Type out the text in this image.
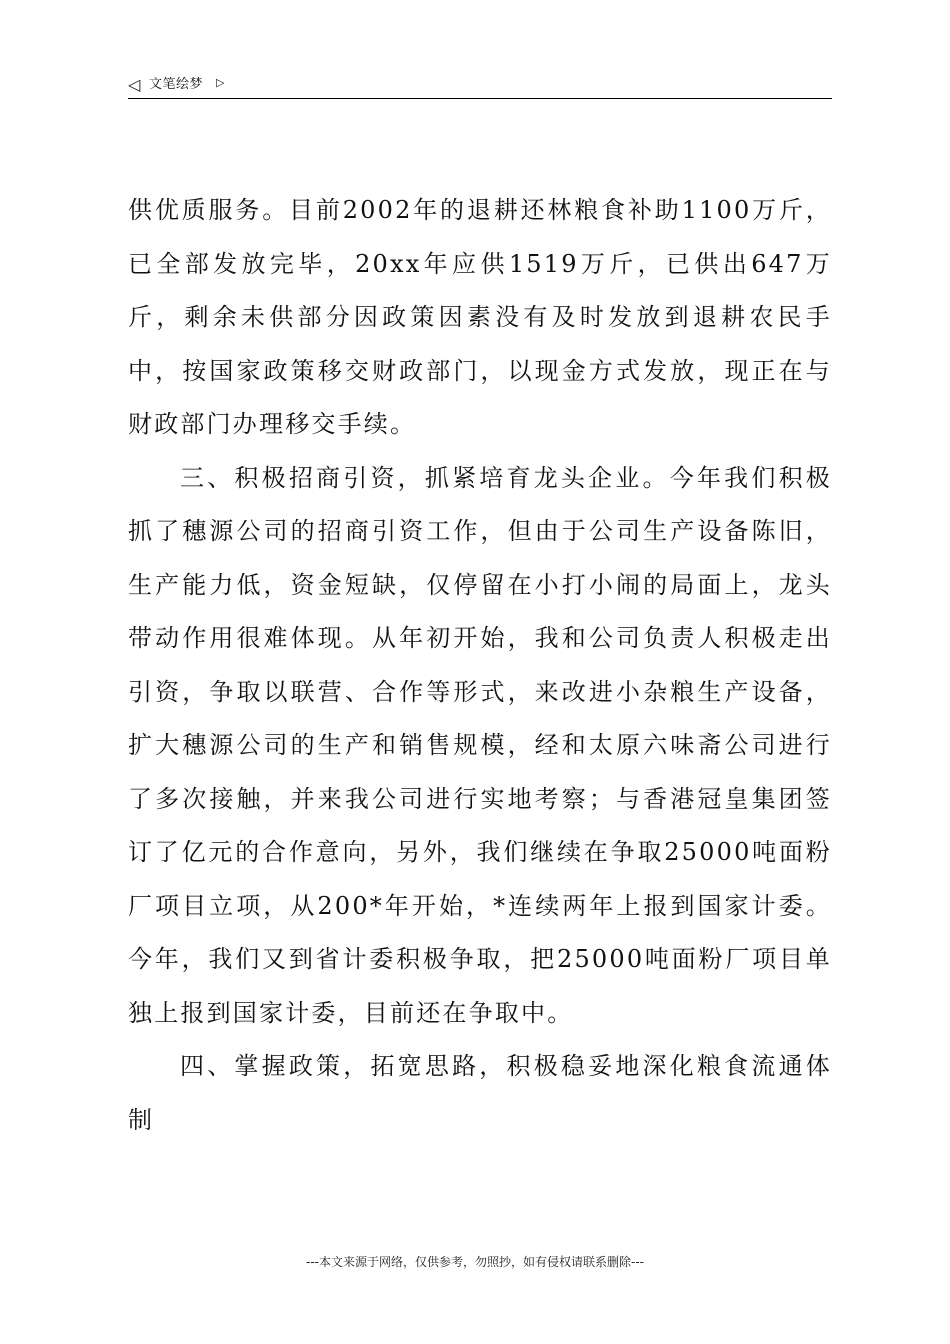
◁ 文笔绘梦 ▷

供优质服务。目前2002年的退耕还林粮食补助1100万斤，已全部发放完毕，20xx年应供1519万斤，已供出647万斤，剩余未供部分因政策因素没有及时发放到退耕农民手中，按国家政策移交财政部门，以现金方式发放，现正在与财政部门办理移交手续。

三、积极招商引资，抓紧培育龙头企业。今年我们积极抓了穗源公司的招商引资工作，但由于公司生产设备陈旧，生产能力低，资金短缺，仅停留在小打小闹的局面上，龙头带动作用很难体现。从年初开始，我和公司负责人积极走出引资，争取以联营、合作等形式，来改进小杂粮生产设备，扩大穗源公司的生产和销售规模，经和太原六味斋公司进行了多次接触，并来我公司进行实地考察；与香港冠皇集团签订了亿元的合作意向，另外，我们继续在争取25000吨面粉厂项目立项，从200*年开始，*连续两年上报到国家计委。今年，我们又到省计委积极争取，把25000吨面粉厂项目单独上报到国家计委，目前还在争取中。

四、掌握政策，拓宽思路，积极稳妥地深化粮食流通体制

---本文来源于网络，仅供参考，勿照抄，如有侵权请联系删除---
